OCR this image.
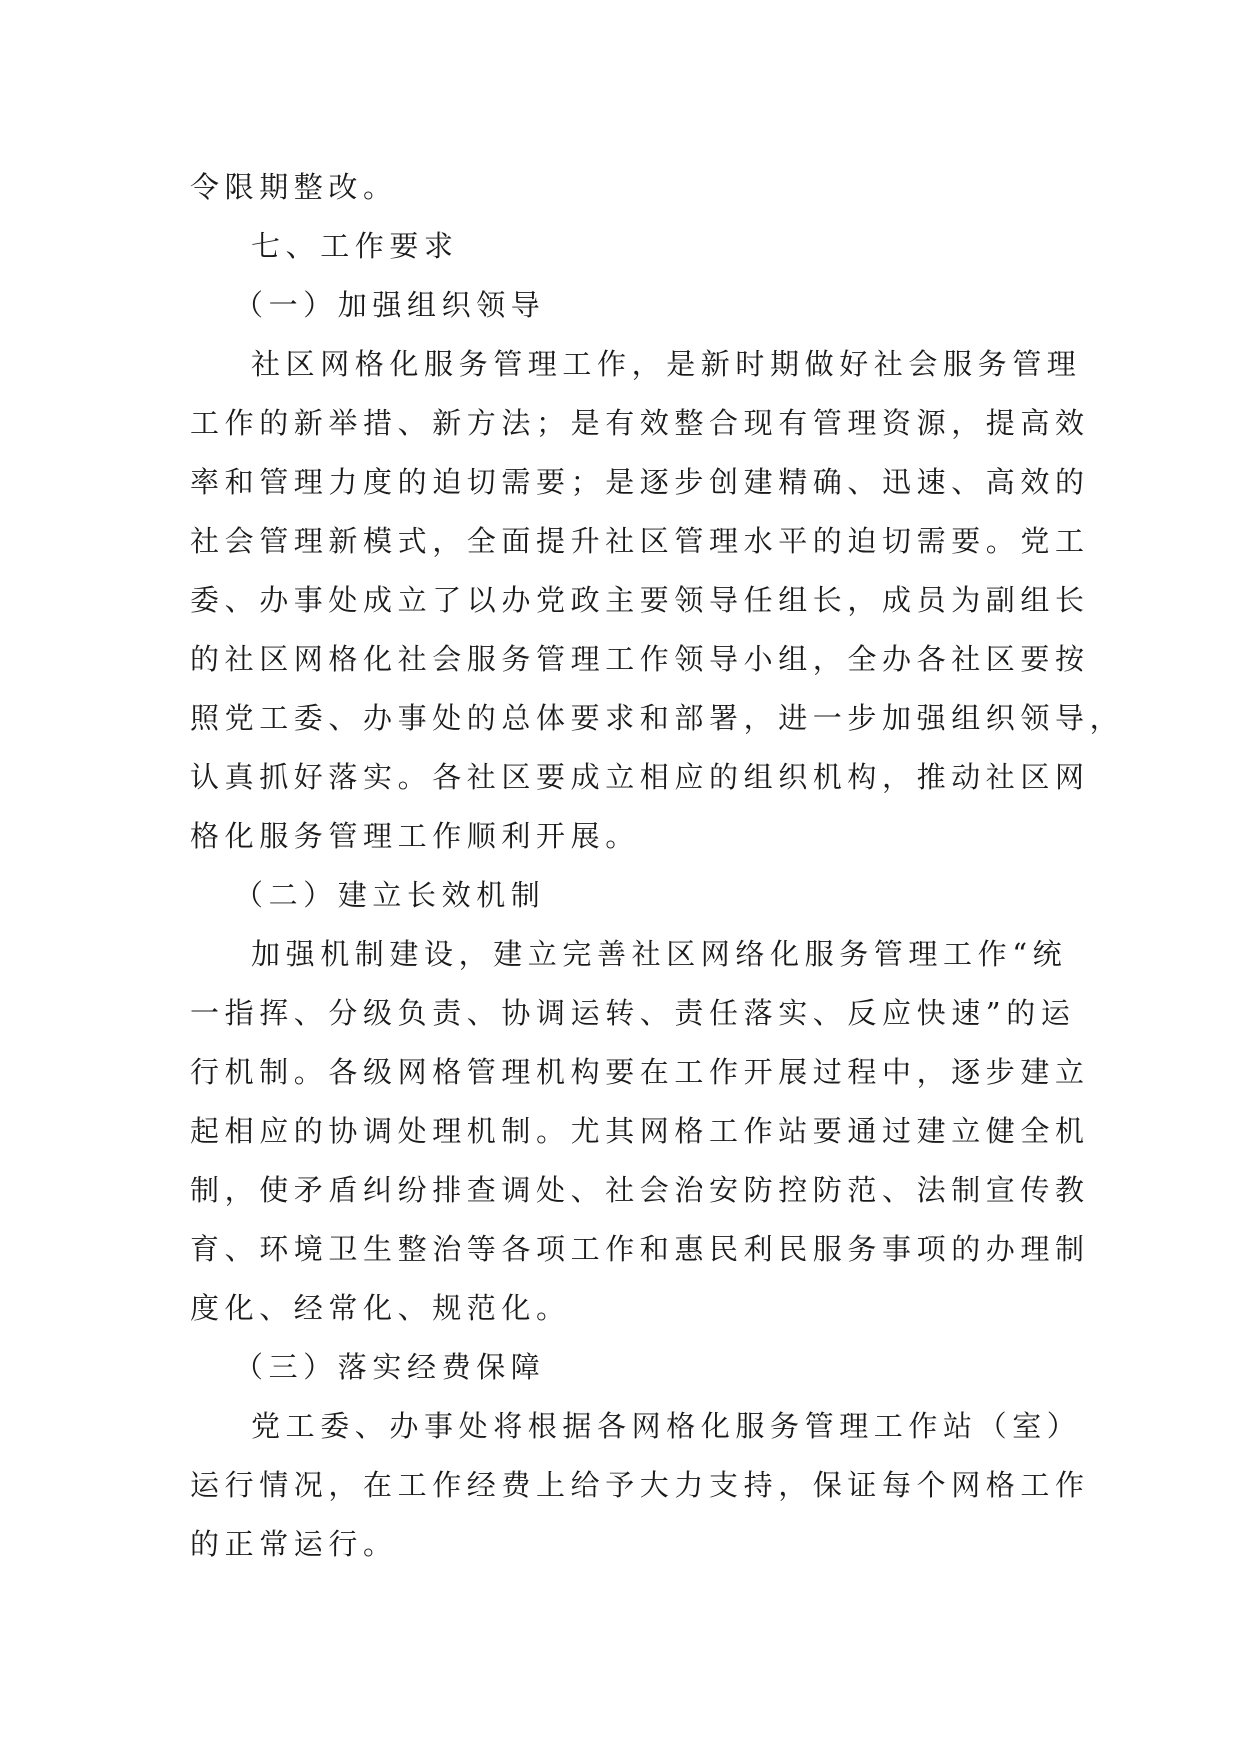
令限期整改。
七、工作要求
（一）加强组织领导
社区网格化服务管理工作，是新时期做好社会服务管理
工作的新举措、新方法；是有效整合现有管理资源，提高效
率和管理力度的迫切需要；是逐步创建精确、迅速、高效的
社会管理新模式，全面提升社区管理水平的迫切需要。党工
委、办事处成立了以办党政主要领导任组长，成员为副组长
的社区网格化社会服务管理工作领导小组，全办各社区要按
照党工委、办事处的总体要求和部署，进一步加强组织领导，
认真抓好落实。各社区要成立相应的组织机构，推动社区网
格化服务管理工作顺利开展。
（二）建立长效机制
加强机制建设，建立完善社区网络化服务管理工作“统
一指挥、分级负责、协调运转、责任落实、反应快速”的运
行机制。各级网格管理机构要在工作开展过程中，逐步建立
起相应的协调处理机制。尤其网格工作站要通过建立健全机
制，使矛盾纠纷排查调处、社会治安防控防范、法制宣传教
育、环境卫生整治等各项工作和惠民利民服务事项的办理制
度化、经常化、规范化。
（三）落实经费保障
党工委、办事处将根据各网格化服务管理工作站（室）
运行情况，在工作经费上给予大力支持，保证每个网格工作
的正常运行。
